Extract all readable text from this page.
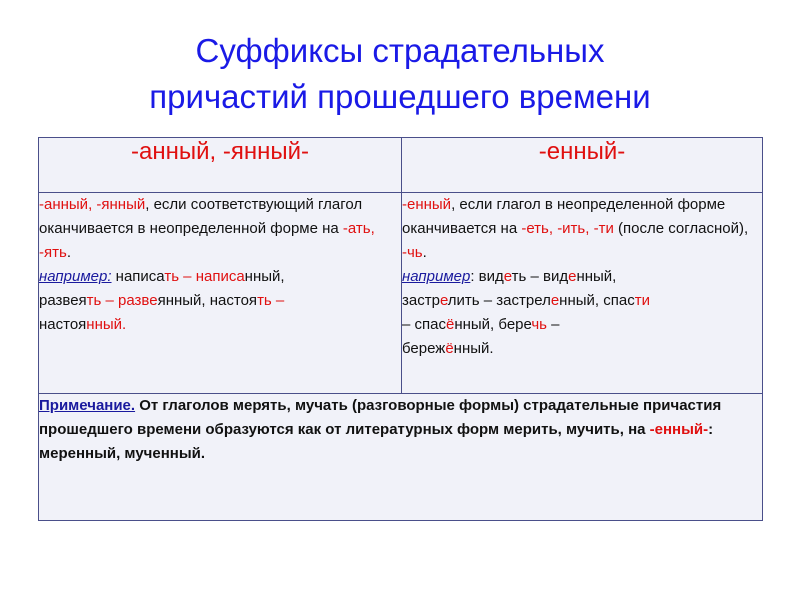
Суффиксы страдательных
причастий прошедшего времени
-анный, -янный-	-енный-
-анный, -янный, если соответствующий глагол оканчивается в неопределенной форме на -ать, -ять.
например: написать – написанный,
развеять – развеянный, настоять –
настоянный.	-енный, если глагол в неопределенной форме оканчивается на -еть, -ить, -ти (после согласной), -чь.
например: видеть – виденный,
застрелить – застреленный, спасти
– спасённый, беречь –
бережённый.
Примечание. От глаголов мерять, мучать (разговорные формы) страдательные причастия прошедшего времени образуются как от литературных форм мерить, мучить, на -енный-: меренный, мученный.	
